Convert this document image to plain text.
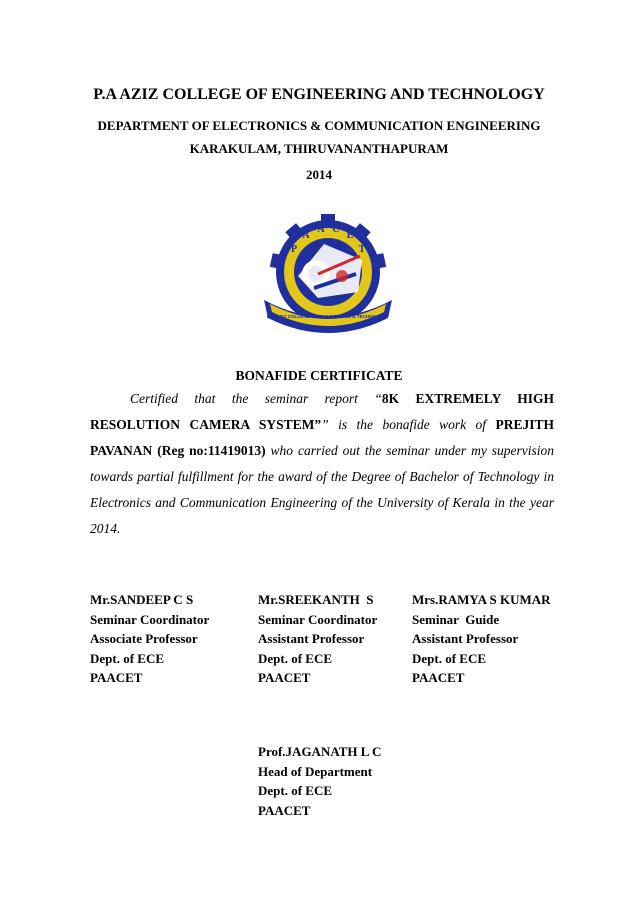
P.A AZIZ COLLEGE OF ENGINEERING AND TECHNOLOGY
DEPARTMENT OF ELECTRONICS & COMMUNICATION ENGINEERING
KARAKULAM, THIRUVANANTHAPURAM
2014
P
A
A C
E
T
P.A. AZIZ COLLEGE OF ENGINEERING & TECHNOLOGY
BONAFIDE CERTIFICATE
Certified that the seminar report “8K EXTREMELY HIGH RESOLUTION CAMERA SYSTEM”” is the bonafide work of PREJITH PAVANAN (Reg no:11419013) who carried out the seminar under my supervision towards partial fulfillment for the award of the Degree of Bachelor of Technology in Electronics and Communication Engineering of the University of Kerala in the year 2014.
Mr.SANDEEP C S
Seminar Coordinator
Associate Professor
Dept. of ECE
PAACET
Mr.SREEKANTH  S
Seminar Coordinator
Assistant Professor
Dept. of ECE
PAACET
Mrs.RAMYA S KUMAR
Seminar  Guide
Assistant Professor
Dept. of ECE
PAACET
Prof.JAGANATH L C
Head of Department
Dept. of ECE
PAACET
